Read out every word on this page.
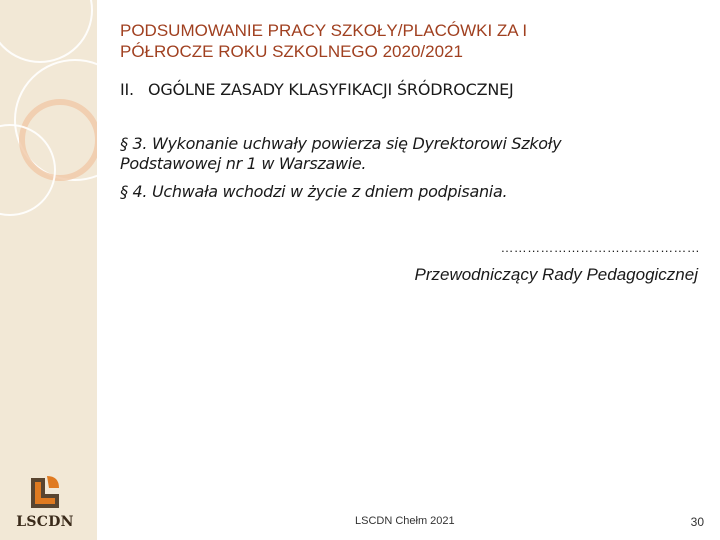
PODSUMOWANIE PRACY SZKOŁY/PLACÓWKI ZA I
PÓŁROCZE ROKU SZKOLNEGO 2020/2021
II. OGÓLNE ZASADY KLASYFIKACJI ŚRÓDROCZNEJ
§ 3. Wykonanie uchwały powierza się Dyrektorowi Szkoły Podstawowej nr 1 w Warszawie.
§ 4. Uchwała wchodzi w życie z dniem podpisania.
………………………………………
Przewodniczący Rady Pedagogicznej
LSCDN	LSCDN Chełm 2021	30
